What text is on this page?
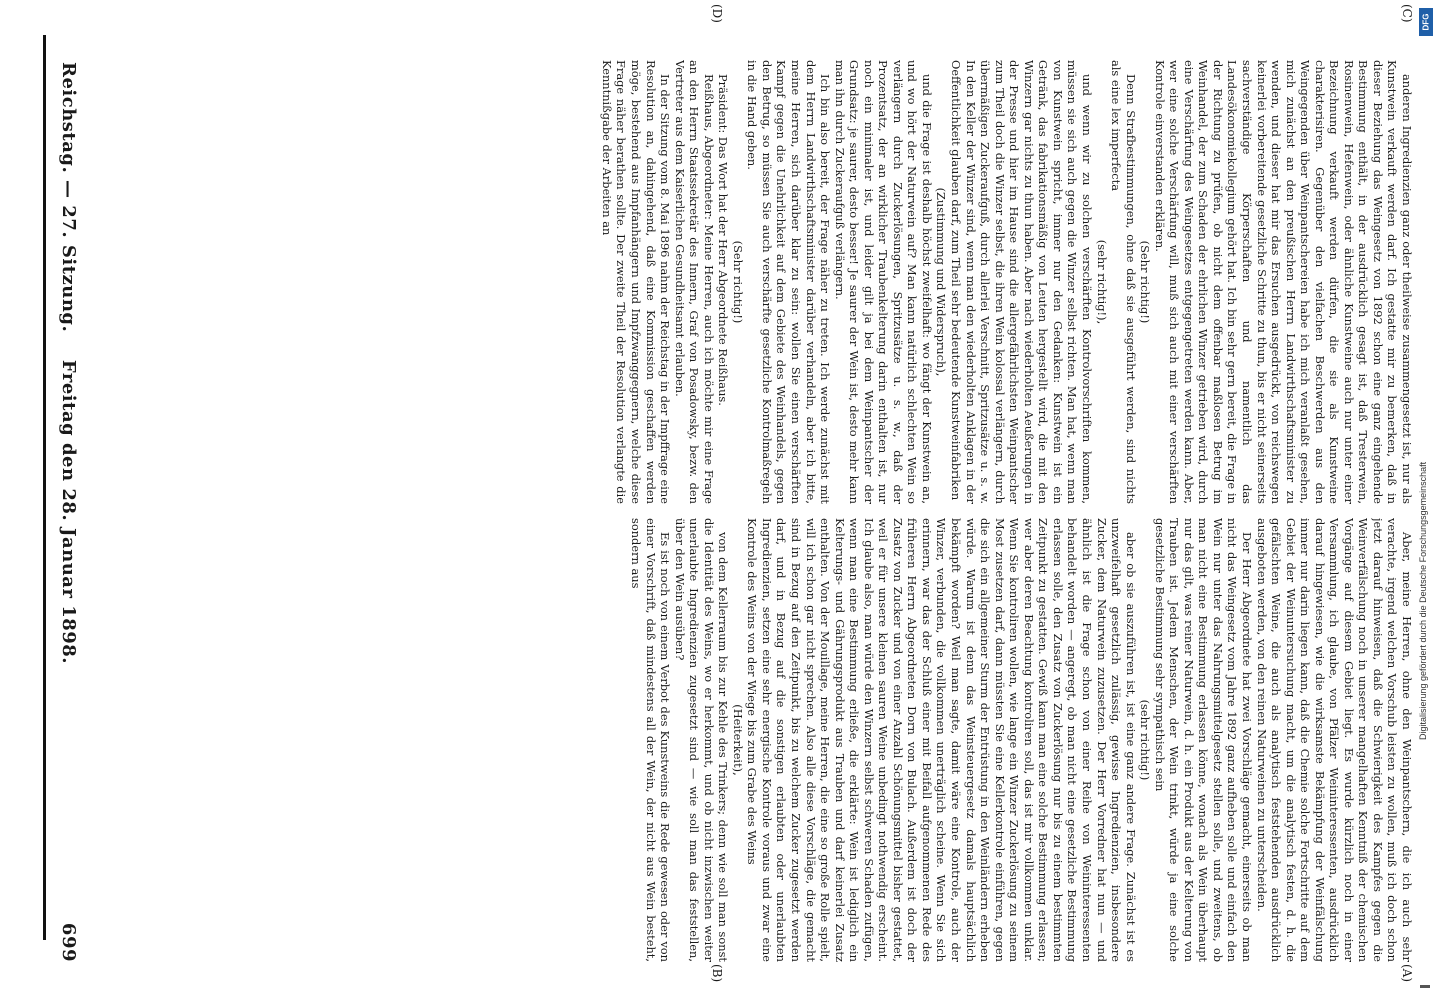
Reichstag. — 27. Sitzung.
Freitag den 28. Januar 1898.
699	Aber, meine Herren, ohne den Weinpantschern, die ich auch sehr verachte, irgend welchen Vorschub leisten zu wollen, muß ich doch schon jetzt darauf hinweisen, daß die Schwierigkeit des Kampfes gegen die Weinverfälschung noch in unserer mangelhaften Kenntniß der chemischen Vorgänge auf diesem Gebiet liegt. Es wurde kürzlich noch in einer Versammlung, ich glaube, von Pfälzer Weininteressenten, ausdrücklich darauf hingewiesen, wie die wirksamste Bekämpfung der Weinfälschung immer nur darin liegen kann, daß die Chemie solche Fortschritte auf dem Gebiet der Weinuntersuchung macht, um die analytisch festen, d. h. die gefälschten Weine, die auch als analytisch feststehenden ausdrücklich ausgeboten werden, von den reinen Naturweinen zu unterscheiden.

Der Herr Abgeordnete hat zwei Vorschläge gemacht, einerseits ob man nicht das Weingesetz vom Jahre 1892 ganz aufheben solle und einfach den Wein nur unter das Nahrungsmittelgesetz stellen solle, und zweitens, ob man nicht eine Bestimmung erlassen könne, wonach als Wein überhaupt nur das gilt, was reiner Naturwein, d. h. ein Produkt aus der Kelterung von Trauben ist. Jedem Menschen, der Wein trinkt, würde ja eine solche gesetzliche Bestimmung sehr sympathisch sein

(sehr richtig!)

aber ob sie auszuführen ist, ist eine ganz andere Frage. Zunächst ist es unzweifelhaft gesetzlich zulässig, gewisse Ingredienzien, insbesondere Zucker, dem Naturwein zuzusetzen. Der Herr Vorredner hat nun — und ähnlich ist die Frage schon von einer Reihe von Weininteressenten behandelt worden — angeregt, ob man nicht eine gesetzliche Bestimmung erlassen solle, den Zusatz von Zuckerlösung nur bis zu einem bestimmten Zeitpunkt zu gestatten. Gewiß kann man eine solche Bestimmung erlassen; wer aber deren Beachtung kontroliren soll, das ist mir vollkommen unklar. Wenn Sie kontroliren wollen, wie lange ein Winzer Zuckerlösung zu seinem Most zusetzen darf, dann müssten Sie eine Kellerkontrole einführen, gegen die sich ein allgemeiner Sturm der Entrüstung in den Weinländern erheben würde. Warum ist denn das Weinsteuergesetz damals hauptsächlich bekämpft worden? Weil man sagte, damit wäre eine Kontrole, auch der Winzer, verbunden, die vollkommen unerträglich scheine. Wenn Sie sich erinnern, war das der Schluß einer mit Beifall aufgenommenen Rede des früheren Herrn Abgeordneten Dorn von Bulach. Außerdem ist doch der Zusatz von Zucker und von einer Anzahl Schönungsmittel bisher gestattet, weil er für unsere kleinen sauren Weine unbedingt nothwendig erscheint. Ich glaube also, man würde den Winzern selbst schweren Schaden zufügen, wenn man eine Bestimmung erließe, die erklärte: Wein ist lediglich ein Kelterungs- und Gährungsprodukt aus Trauben und darf keinerlei Zusatz enthalten. Von der Mouillage, meine Herren, die eine so große Rolle spielt, will ich schon gar nicht sprechen. Also alle diese Vorschläge, die gemacht sind in Bezug auf den Zeitpunkt, bis zu welchem Zucker zugesetzt werden darf, und in Bezug auf die sonstigen erlaubten oder unerlaubten Ingredienzien, setzen eine sehr energische Kontrole voraus und zwar eine Kontrole des Weins von der Wiege bis zum Grabe des Weins

(Heiterkeit),

von dem Kellerraum bis zur Kehle des Trinkers; denn wie soll man sonst die Identität des Weins, wo er herkommt, und ob nicht inzwischen weiter unerlaubte Ingredienzien zugesetzt sind — wie soll man das feststellen, über den Wein ausüben?

Es ist noch von einem Verbot des Kunstweins die Rede gewesen oder von einer Vorschrift, daß mindestens all der Wein, der nicht aus Wein besteht, sondern aus

anderen Ingredienzien ganz oder theilweise zusammengesetzt ist, nur als Kunstwein verkauft werden darf. Ich gestatte mir zu bemerken, daß in dieser Beziehung das Weingesetz von 1892 schon eine ganz eingehende Bestimmung enthält, in der ausdrücklich gesagt ist, daß Tresterwein, Rosinenwein, Hefenwein, oder ähnliche Kunstweine auch nur unter einer Bezeichnung verkauft werden dürfen, die sie als Kunstweine charakterisiren. Gegenüber den vielfachen Beschwerden aus den Weingegenden über Weinpantschereien habe ich mich veranlaßt gesehen, mich zunächst an den preußischen Herrn Landwirthschaftsminister zu wenden, und dieser hat mir das Ersuchen ausgedrückt, von reichswegen keinerlei vorbereitende gesetzliche Schritte zu thun, bis er nicht seinerseits sachverständige Körperschaften und namentlich das Landesökonomiekollegium gehört hat. Ich bin sehr gern bereit, die Frage in der Richtung zu prüfen, ob nicht dem offenbar maßlosen Betrug im Weinhandel, der zum Schaden der ehrlichen Winzer getrieben wird, durch eine Verschärfung des Weingesetzes entgegengetreten werden kann. Aber, wer eine solche Verschärfung will, muß sich auch mit einer verschärften Kontrole einverstanden erklären.

(Sehr richtig!)

Denn Strafbestimmungen, ohne daß sie ausgeführt werden, sind nichts als eine lex imperfecta

(sehr richtig!),

und wenn wir zu solchen verschärften Kontrolvorschriften kommen, müssen sie sich auch gegen die Winzer selbst richten. Man hat, wenn man von Kunstwein spricht, immer nur den Gedanken: Kunstwein ist ein Getränk, das fabrikationsmäßig von Leuten hergestellt wird, die mit den Winzern gar nichts zu thun haben. Aber nach wiederholten Aeußerungen in der Presse und hier im Hause sind die allergefährlichsten Weinpantscher zum Theil doch die Winzer selbst, die ihren Wein kolossal verlängern, durch übermäßigen Zuckeraufguß, durch allerlei Verschnitt, Spritzusätze u. s. w. In den Keller der Winzer sind, wenn man den wiederholten Anklagen in der Oeffentlichkeit glauben darf, zum Theil sehr bedeutende Kunstweinfabriken

(Zustimmung und Widerspruch),

und die Frage ist deshalb höchst zweifelhaft: wo fängt der Kunstwein an, und wo hört der Naturwein auf? Man kann natürlich schlechten Wein so verlängern durch Zuckerlösungen, Spritzusätze u. s. w., daß der Prozentsatz, der an wirklicher Traubenkelterung darin enthalten ist, nur noch ein minimaler ist, und leider gilt ja bei dem Weinpantscher der Grundsatz: je saurer, desto besser! Je saurer der Wein ist, desto mehr kann man ihn durch Zuckeraufguß verlängern.

Ich bin also bereit, der Frage näher zu treten. Ich werde zunächst mit dem Herrn Landwirthschaftsminister darüber verhandeln, aber ich bitte, meine Herren, sich darüber klar zu sein: wollen Sie einen verschärften Kampf gegen die Unehrlichkeit auf dem Gebiete des Weinhandels, gegen den Betrug, so müssen Sie auch verschärfte gesetzliche Kontrolmaßregeln in die Hand geben.

(Sehr richtig!)

Präsident: Das Wort hat der Herr Abgeordnete Reißhaus.

Reißhaus, Abgeordneter: Meine Herren, auch ich möchte mir eine Frage an den Herrn Staatssekretär des Innern, Graf von Posadowsky, bezw. den Vertreter aus dem Kaiserlichen Gesundheitsamt erlauben.

In der Sitzung vom 8. Mai 1896 nahm der Reichstag in der Impffrage eine Resolution an, dahingehend, daß eine Kommission geschaffen werden möge, bestehend aus Impfanhängern und Impfzwanggegnern, welche diese Frage näher berathen sollte. Der zweite Theil der Resolution verlangte die Kenntnißgabe der Arbeiten an

(A)
(B)
(C)
(D)	DFG
Digitalisierung gefördert durch die Deutsche Forschungsgemeinschaft
